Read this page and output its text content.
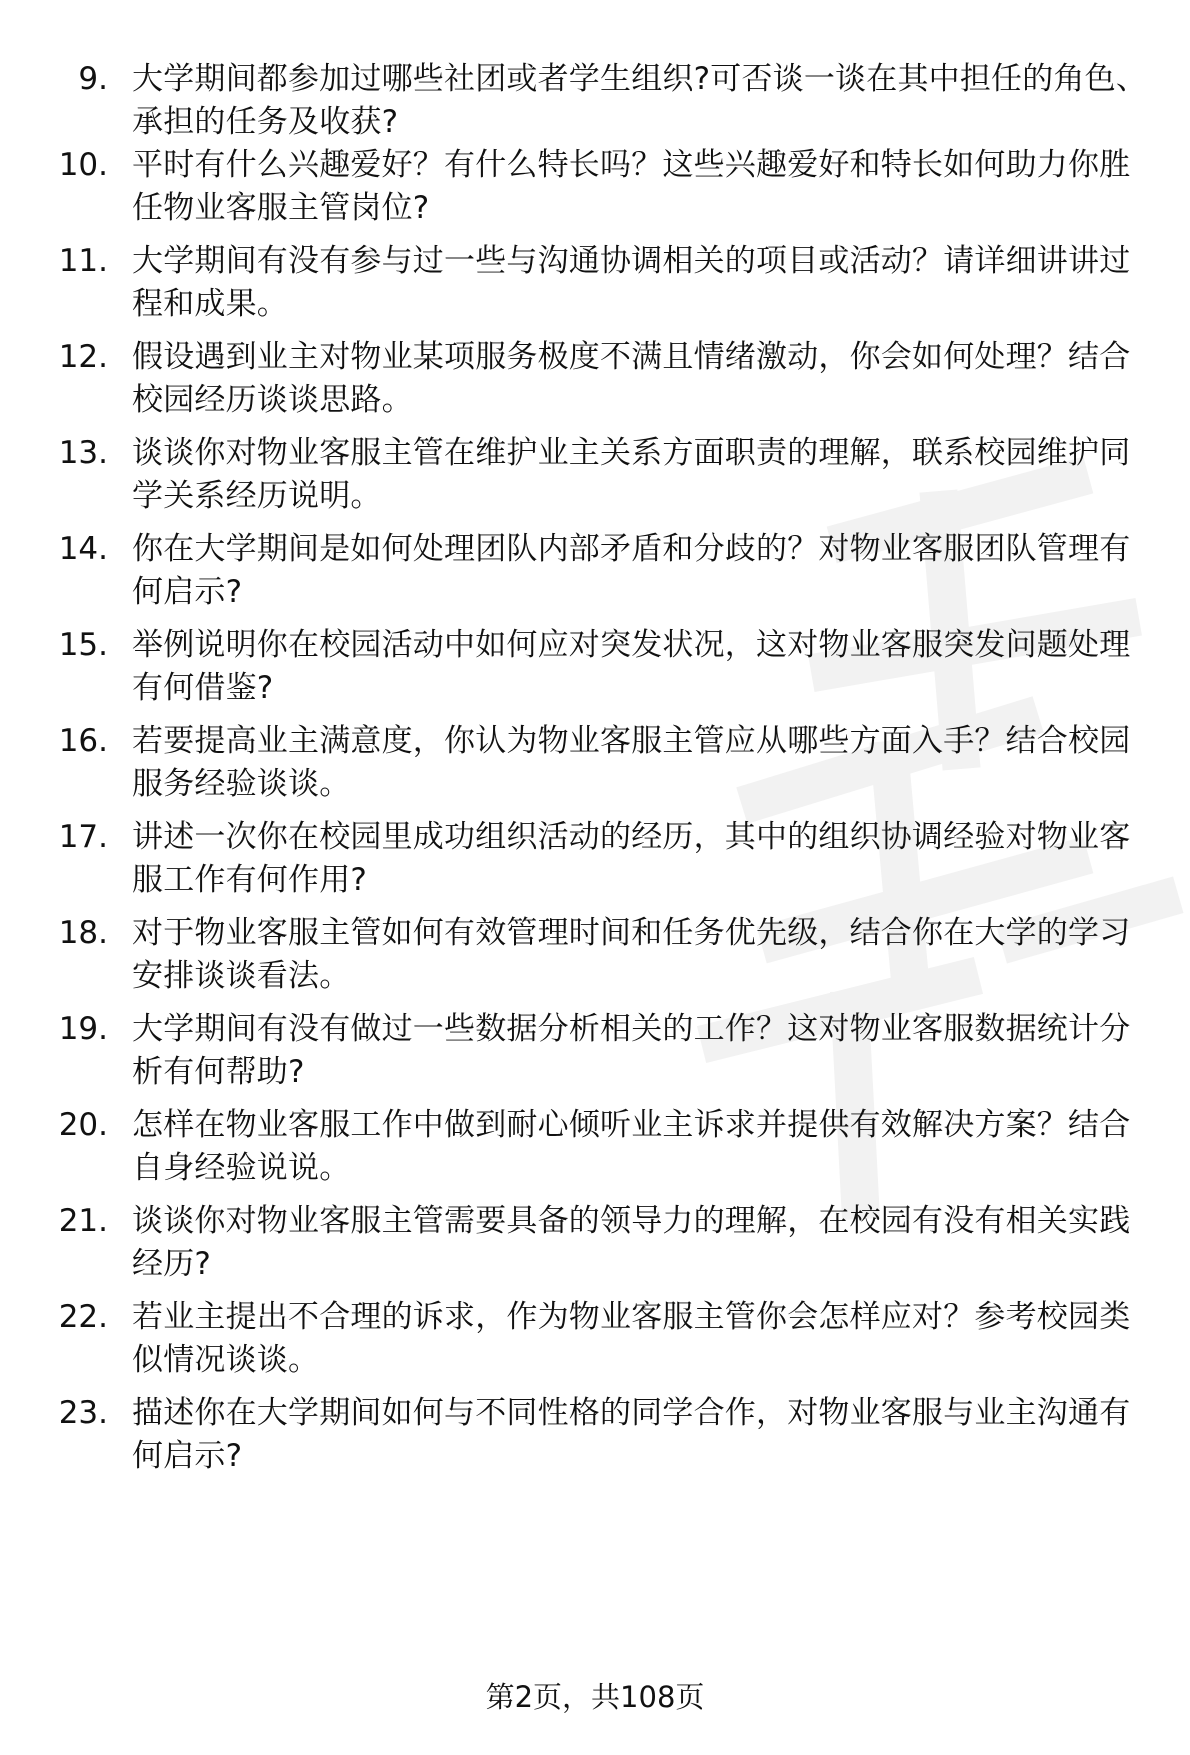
9. 大学期间都参加过哪些社团或者学生组织?可否谈一谈在其中担任的角色、承担的任务及收获?
10. 平时有什么兴趣爱好？有什么特长吗？这些兴趣爱好和特长如何助力你胜任物业客服主管岗位?
11. 大学期间有没有参与过一些与沟通协调相关的项目或活动？请详细讲讲过程和成果。
12. 假设遇到业主对物业某项服务极度不满且情绪激动，你会如何处理？结合校园经历谈谈思路。
13. 谈谈你对物业客服主管在维护业主关系方面职责的理解，联系校园维护同学关系经历说明。
14. 你在大学期间是如何处理团队内部矛盾和分歧的？对物业客服团队管理有何启示?
15. 举例说明你在校园活动中如何应对突发状况，这对物业客服突发问题处理有何借鉴?
16. 若要提高业主满意度，你认为物业客服主管应从哪些方面入手？结合校园服务经验谈谈。
17. 讲述一次你在校园里成功组织活动的经历，其中的组织协调经验对物业客服工作有何作用?
18. 对于物业客服主管如何有效管理时间和任务优先级，结合你在大学的学习安排谈谈看法。
19. 大学期间有没有做过一些数据分析相关的工作？这对物业客服数据统计分析有何帮助?
20. 怎样在物业客服工作中做到耐心倾听业主诉求并提供有效解决方案？结合自身经验说说。
21. 谈谈你对物业客服主管需要具备的领导力的理解，在校园有没有相关实践经历?
22. 若业主提出不合理的诉求，作为物业客服主管你会怎样应对？参考校园类似情况谈谈。
23. 描述你在大学期间如何与不同性格的同学合作，对物业客服与业主沟通有何启示?
第2页，共108页
